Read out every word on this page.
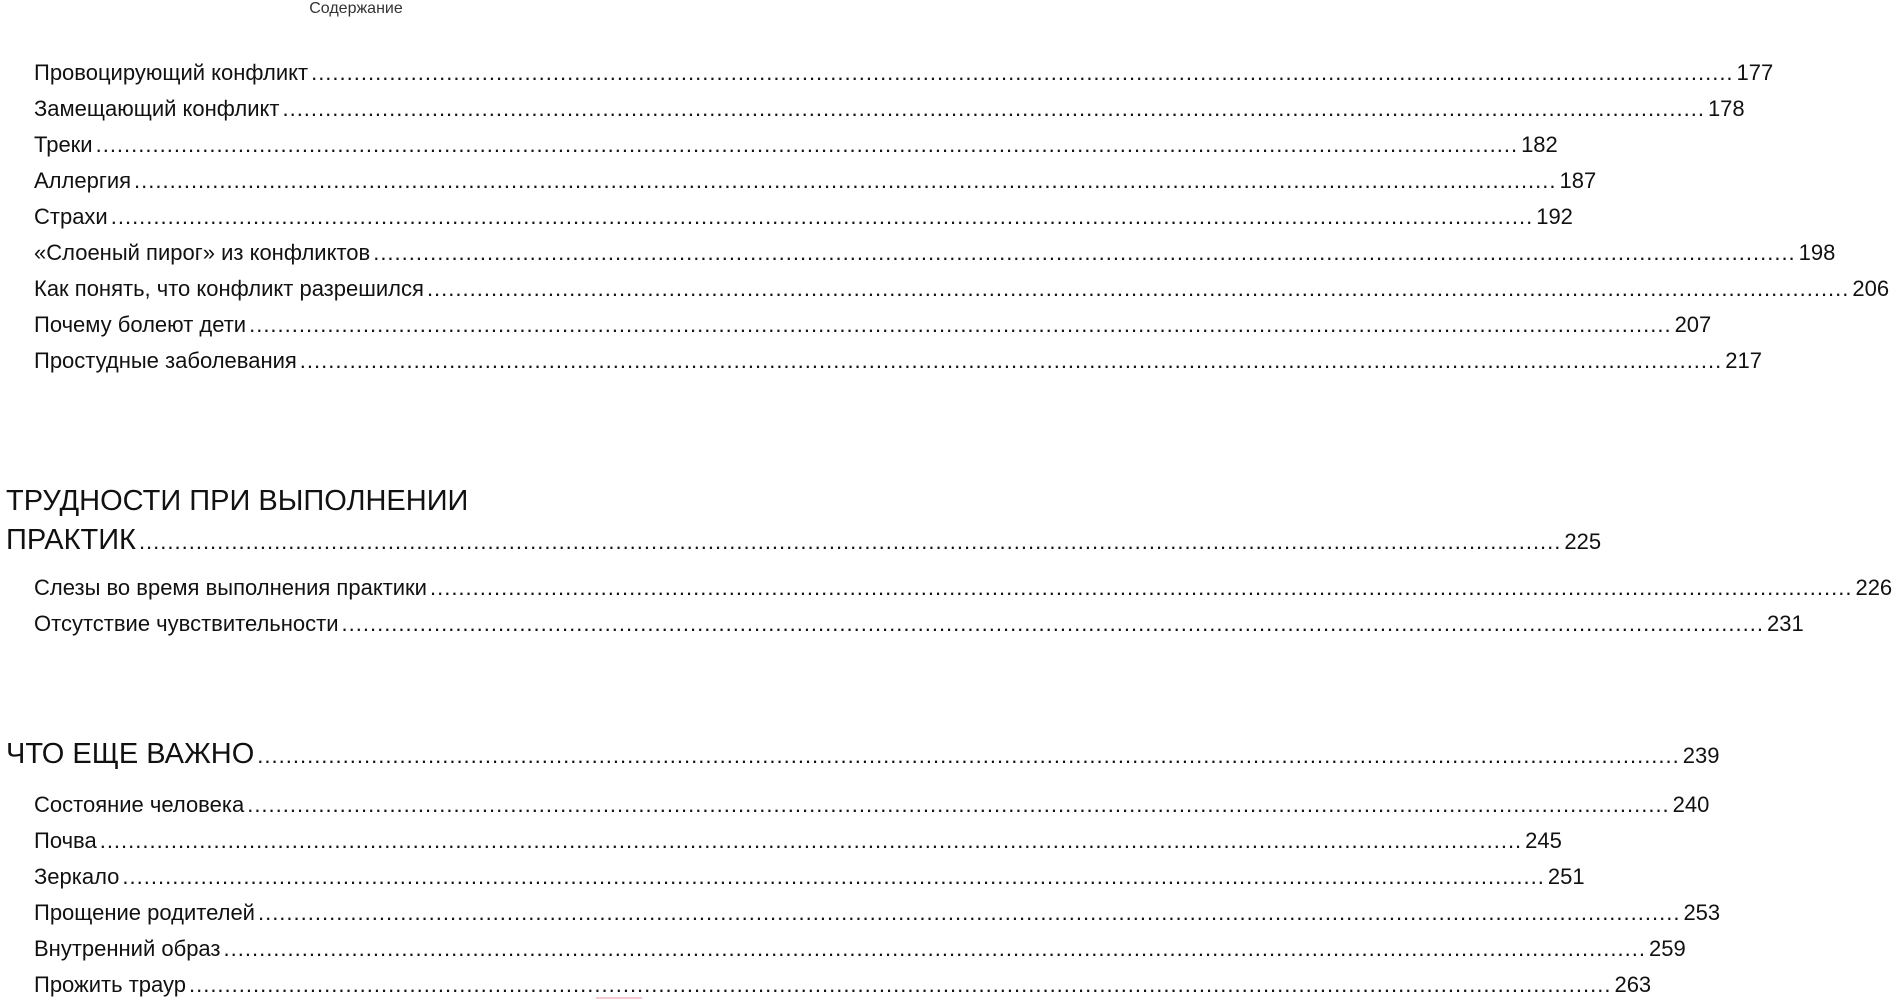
Содержание
Провоцирующий конфликт ........................................................................................................................................................................................................ 177
Замещающий конфликт ........................................................................................................................................................................................................ 178
Треки ........................................................................................................................................................................................................ 182
Аллергия ........................................................................................................................................................................................................ 187
Страхи ........................................................................................................................................................................................................ 192
«Слоеный пирог» из конфликтов ........................................................................................................................................................................................................ 198
Как понять, что конфликт разрешился ........................................................................................................................................................................................................ 206
Почему болеют дети ........................................................................................................................................................................................................ 207
Простудные заболевания ........................................................................................................................................................................................................ 217
ТРУДНОСТИ ПРИ ВЫПОЛНЕНИИ
ПРАКТИК ........................................................................................................................................................................................................ 225
Слезы во время выполнения практики ........................................................................................................................................................................................................ 226
Отсутствие чувствительности ........................................................................................................................................................................................................ 231
ЧТО ЕЩЕ ВАЖНО ........................................................................................................................................................................................................ 239
Состояние человека ........................................................................................................................................................................................................ 240
Почва ........................................................................................................................................................................................................ 245
Зеркало ........................................................................................................................................................................................................ 251
Прощение родителей ........................................................................................................................................................................................................ 253
Внутренний образ ........................................................................................................................................................................................................ 259
Прожить траур ........................................................................................................................................................................................................ 263
